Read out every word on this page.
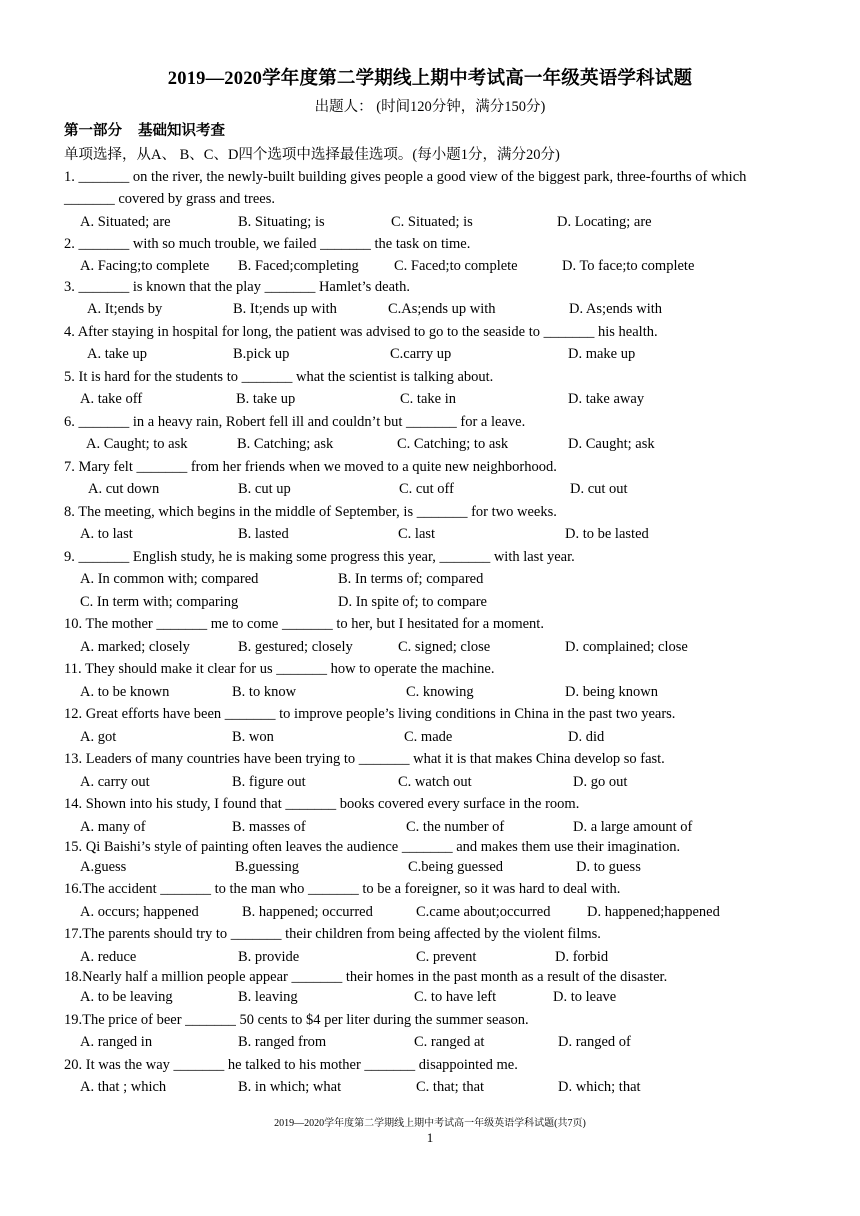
2019—2020学年度第二学期线上期中考试高一年级英语学科试题
出题人： (时间120分钟，满分150分)
第一部分 基础知识考查
单项选择，从A、 B、C、D四个选项中选择最佳选项。(每小题1分，满分20分)
1. _______ on the river, the newly-built building gives people a good view of the biggest park, three-fourths of which
_______ covered by grass and trees.
A. Situated; are	B. Situating; is	C. Situated; is	D. Locating; are
2. _______ with so much trouble, we failed _______ the task on time.
A. Facing;to complete B. Faced;completing C. Faced;to complete	D. To face;to complete
3. _______ is known that the play _______ Hamlet’s death.
A. It;ends by	B. It;ends up with	C.As;ends up with	D. As;ends with
4. After staying in hospital for long, the patient was advised to go to the seaside to _______ his health.
A. take up	B.pick up	C.carry up	D. make up
5. It is hard for the students to _______ what the scientist is talking about.
A. take off	B. take up	C. take in	D. take away
6. _______ in a heavy rain, Robert fell ill and couldn’t but _______ for a leave.
A. Caught; to ask	B. Catching; ask	C. Catching; to ask	D. Caught; ask
7. Mary felt _______ from her friends when we moved to a quite new neighborhood.
A. cut down	B. cut up	C. cut off	D. cut out
8. The meeting, which begins in the middle of September, is _______ for two weeks.
A. to last	B. lasted	C. last	D. to be lasted
9. _______ English study, he is making some progress this year, _______ with last year.
A. In common with; compared	B. In terms of; compared
C. In term with; comparing	D. In spite of; to compare
10. The mother _______ me to come _______ to her, but I hesitated for a moment.
A. marked; closely	B. gestured; closely	C. signed; close	D. complained; close
11. They should make it clear for us _______ how to operate the machine.
A. to be known	B. to know	C. knowing	D. being known
12. Great efforts have been _______ to improve people’s living conditions in China in the past two years.
A. got	B. won	C. made	D. did
13. Leaders of many countries have been trying to _______ what it is that makes China develop so fast.
A. carry out	B. figure out	C. watch out	D. go out
14. Shown into his study, I found that _______ books covered every surface in the room.
A. many of	B. masses of	C. the number of	D. a large amount of
15. Qi Baishi’s style of painting often leaves the audience _______ and makes them use their imagination.
A.guess	B.guessing	C.being guessed	D. to guess
16.The accident _______ to the man who _______ to be a foreigner, so it was hard to deal with.
A. occurs; happened	B. happened; occurred	C.came about;occurred	D. happened;happened
17.The parents should try to _______ their children from being affected by the violent films.
A. reduce	B. provide	C. prevent	D. forbid
18.Nearly half a million people appear _______ their homes in the past month as a result of the disaster.
A. to be leaving	B. leaving	C. to have left	D. to leave
19.The price of beer _______ 50 cents to $4 per liter during the summer season.
A. ranged in	B. ranged from	C. ranged at	D. ranged of
20. It was the way _______ he talked to his mother _______ disappointed me.
A. that ; which	B. in which; what	C. that; that	D. which; that
2019—2020学年度第二学期线上期中考试高一年级英语学科试题(共7页)
1
